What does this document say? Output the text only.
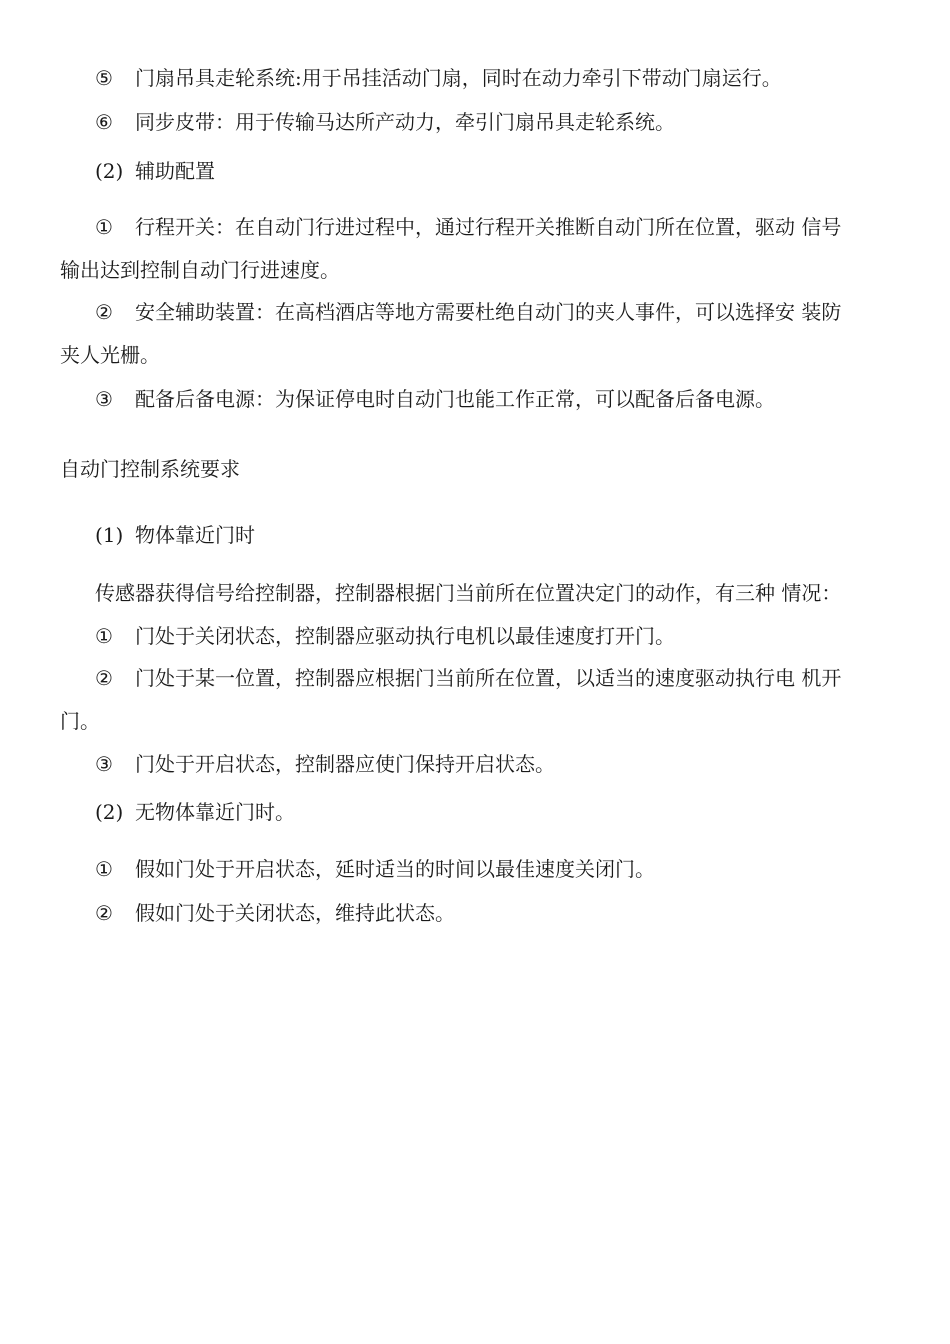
⑤ 门扇吊具走轮系统:用于吊挂活动门扇，同时在动力牵引下带动门扇运行。
⑥ 同步皮带：用于传输马达所产动力，牵引门扇吊具走轮系统。
(2) 辅助配置
① 行程开关：在自动门行进过程中，通过行程开关推断自动门所在位置，驱动 信号
输出达到控制自动门行进速度。
② 安全辅助装置：在高档酒店等地方需要杜绝自动门的夹人事件，可以选择安 装防
夹人光栅。
③ 配备后备电源：为保证停电时自动门也能工作正常，可以配备后备电源。
自动门控制系统要求
(1) 物体靠近门时
传感器获得信号给控制器，控制器根据门当前所在位置决定门的动作，有三种 情况：
① 门处于关闭状态，控制器应驱动执行电机以最佳速度打开门。
② 门处于某一位置，控制器应根据门当前所在位置，以适当的速度驱动执行电 机开
门。
③ 门处于开启状态，控制器应使门保持开启状态。
(2) 无物体靠近门时。
① 假如门处于开启状态，延时适当的时间以最佳速度关闭门。
② 假如门处于关闭状态，维持此状态。
